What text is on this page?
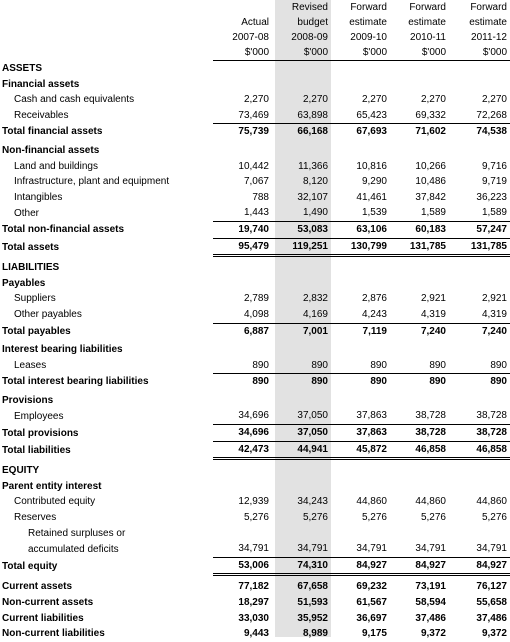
		Revised	Forward	Forward	Forward
	Actual	budget	estimate	estimate	estimate
	2007-08	2008-09	2009-10	2010-11	2011-12
	$'000	$'000	$'000	$'000	$'000
ASSETS					
Financial assets					
Cash and cash equivalents	2,270	2,270	2,270	2,270	2,270
Receivables	73,469	63,898	65,423	69,332	72,268
Total financial assets	75,739	66,168	67,693	71,602	74,538

Non-financial assets					
Land and buildings	10,442	11,366	10,816	10,266	9,716
Infrastructure, plant and equipment	7,067	8,120	9,290	10,486	9,719
Intangibles	788	32,107	41,461	37,842	36,223
Other	1,443	1,490	1,539	1,589	1,589
Total non-financial assets	19,740	53,083	63,106	60,183	57,247
Total assets	95,479	119,251	130,799	131,785	131,785

LIABILITIES					
Payables					
Suppliers	2,789	2,832	2,876	2,921	2,921
Other payables	4,098	4,169	4,243	4,319	4,319
Total payables	6,887	7,001	7,119	7,240	7,240

Interest bearing liabilities					
Leases	890	890	890	890	890
Total interest bearing liabilities	890	890	890	890	890

Provisions					
Employees	34,696	37,050	37,863	38,728	38,728
Total provisions	34,696	37,050	37,863	38,728	38,728
Total liabilities	42,473	44,941	45,872	46,858	46,858

EQUITY					
Parent entity interest					
Contributed equity	12,939	34,243	44,860	44,860	44,860
Reserves	5,276	5,276	5,276	5,276	5,276
Retained surpluses or					
accumulated deficits	34,791	34,791	34,791	34,791	34,791
Total equity	53,006	74,310	84,927	84,927	84,927

Current assets	77,182	67,658	69,232	73,191	76,127
Non-current assets	18,297	51,593	61,567	58,594	55,658
Current liabilities	33,030	35,952	36,697	37,486	37,486
Non-current liabilities	9,443	8,989	9,175	9,372	9,372
